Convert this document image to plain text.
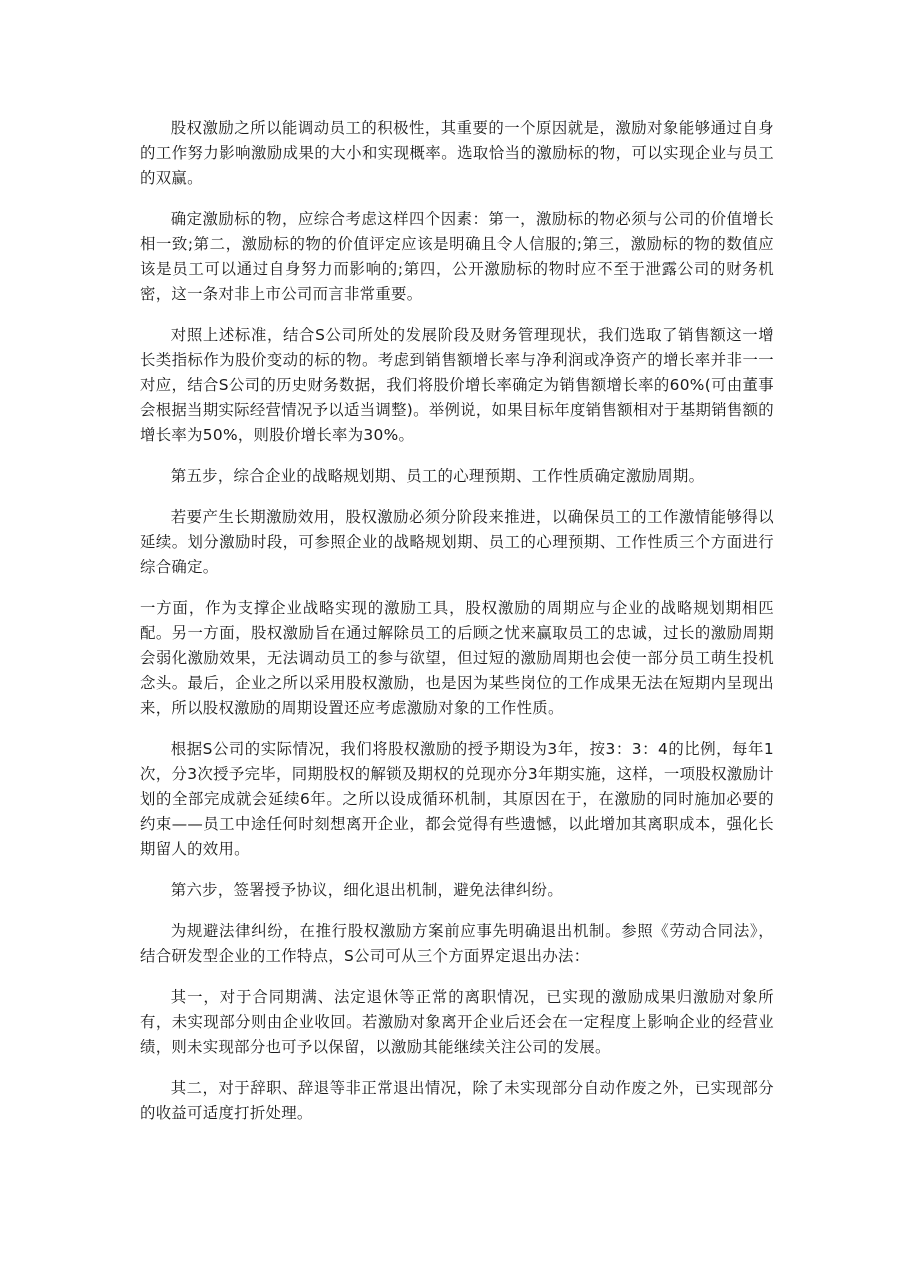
股权激励之所以能调动员工的积极性，其重要的一个原因就是，激励对象能够通过自身的工作努力影响激励成果的大小和实现概率。选取恰当的激励标的物，可以实现企业与员工的双赢。

确定激励标的物，应综合考虑这样四个因素：第一，激励标的物必须与公司的价值增长相一致;第二，激励标的物的价值评定应该是明确且令人信服的;第三，激励标的物的数值应该是员工可以通过自身努力而影响的;第四，公开激励标的物时应不至于泄露公司的财务机密，这一条对非上市公司而言非常重要。

对照上述标准，结合S公司所处的发展阶段及财务管理现状，我们选取了销售额这一增长类指标作为股价变动的标的物。考虑到销售额增长率与净利润或净资产的增长率并非一一对应，结合S公司的历史财务数据，我们将股价增长率确定为销售额增长率的60%(可由董事会根据当期实际经营情况予以适当调整)。举例说，如果目标年度销售额相对于基期销售额的增长率为50%，则股价增长率为30%。

第五步，综合企业的战略规划期、员工的心理预期、工作性质确定激励周期。

若要产生长期激励效用，股权激励必须分阶段来推进，以确保员工的工作激情能够得以延续。划分激励时段，可参照企业的战略规划期、员工的心理预期、工作性质三个方面进行综合确定。

一方面，作为支撑企业战略实现的激励工具，股权激励的周期应与企业的战略规划期相匹配。另一方面，股权激励旨在通过解除员工的后顾之忧来赢取员工的忠诚，过长的激励周期会弱化激励效果，无法调动员工的参与欲望，但过短的激励周期也会使一部分员工萌生投机念头。最后，企业之所以采用股权激励，也是因为某些岗位的工作成果无法在短期内呈现出来，所以股权激励的周期设置还应考虑激励对象的工作性质。

根据S公司的实际情况，我们将股权激励的授予期设为3年，按3：3：4的比例，每年1次，分3次授予完毕，同期股权的解锁及期权的兑现亦分3年期实施，这样，一项股权激励计划的全部完成就会延续6年。之所以设成循环机制，其原因在于，在激励的同时施加必要的约束——员工中途任何时刻想离开企业，都会觉得有些遗憾，以此增加其离职成本，强化长期留人的效用。

第六步，签署授予协议，细化退出机制，避免法律纠纷。

为规避法律纠纷，在推行股权激励方案前应事先明确退出机制。参照《劳动合同法》，结合研发型企业的工作特点，S公司可从三个方面界定退出办法：

其一，对于合同期满、法定退休等正常的离职情况，已实现的激励成果归激励对象所有，未实现部分则由企业收回。若激励对象离开企业后还会在一定程度上影响企业的经营业绩，则未实现部分也可予以保留，以激励其能继续关注公司的发展。

其二，对于辞职、辞退等非正常退出情况，除了未实现部分自动作废之外，已实现部分的收益可适度打折处理。
